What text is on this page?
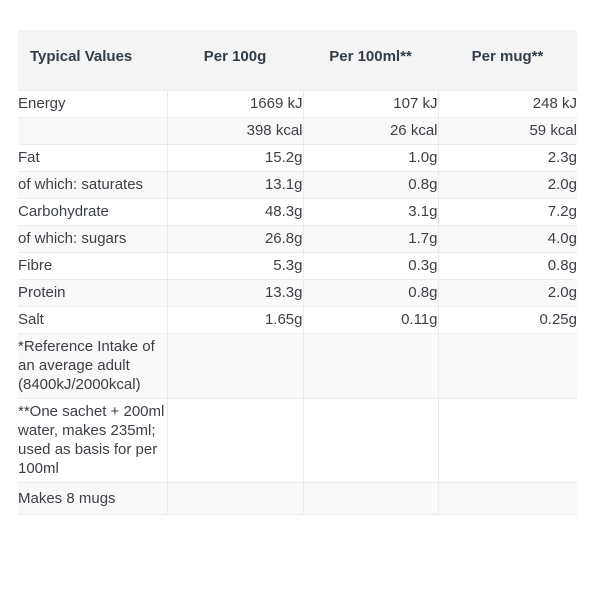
Typical Values	Per 100g	Per 100ml**	Per mug**
Energy	1669 kJ	107 kJ	248 kJ
	398 kcal	26 kcal	59 kcal
Fat	15.2g	1.0g	2.3g
of which: saturates	13.1g	0.8g	2.0g
Carbohydrate	48.3g	3.1g	7.2g
of which: sugars	26.8g	1.7g	4.0g
Fibre	5.3g	0.3g	0.8g
Protein	13.3g	0.8g	2.0g
Salt	1.65g	0.11g	0.25g
*Reference Intake of an average adult (8400kJ/2000kcal)			
**One sachet + 200ml water, makes 235ml; used as basis for per 100ml			
Makes 8 mugs			
